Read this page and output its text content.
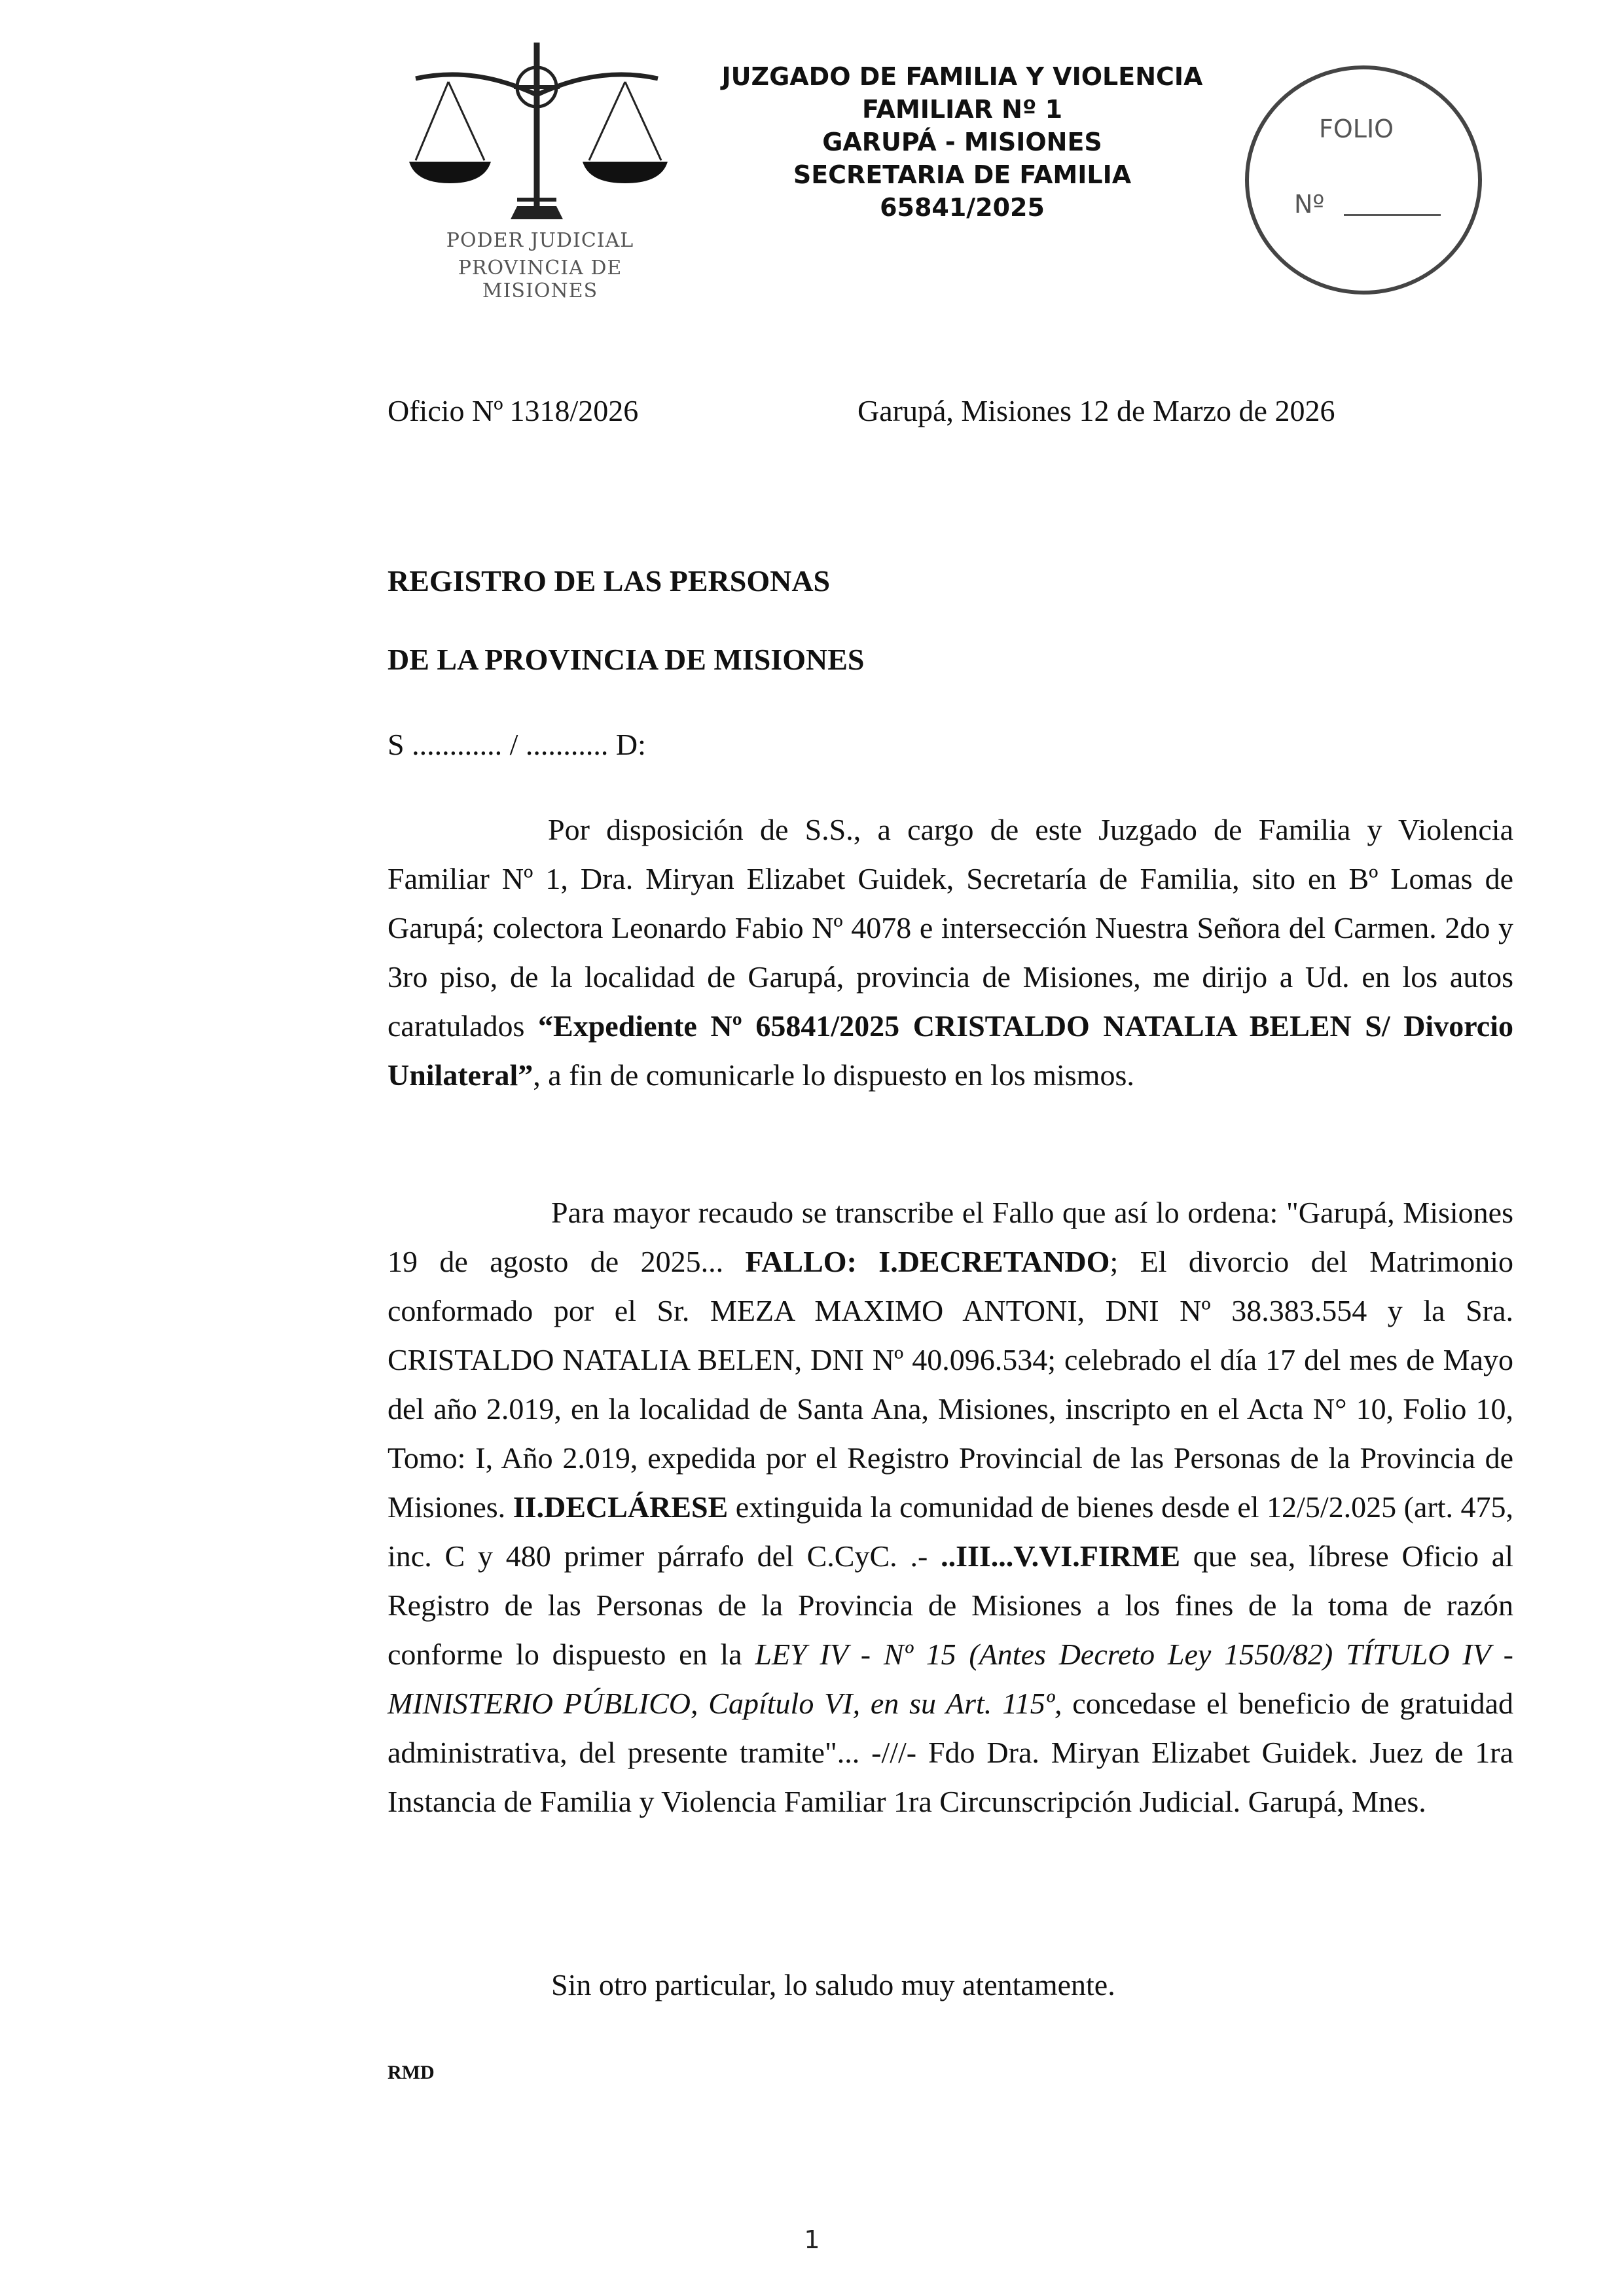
PODER JUDICIAL
PROVINCIA DE MISIONES
JUZGADO DE FAMILIA Y VIOLENCIA
FAMILIAR Nº 1
GARUPÁ - MISIONES
SECRETARIA DE FAMILIA
65841/2025
FOLIO
Nº
Oficio Nº 1318/2026	Garupá, Misiones 12 de Marzo de 2026
REGISTRO DE LAS PERSONAS
DE LA PROVINCIA DE MISIONES
S ............ / ........... D:
Por disposición de S.S., a cargo de este Juzgado de Familia y Violencia Familiar Nº 1, Dra. Miryan Elizabet Guidek, Secretaría de Familia, sito en Bº Lomas de Garupá; colectora Leonardo Fabio Nº 4078 e intersección Nuestra Señora del Carmen. 2do y 3ro piso, de la localidad de Garupá, provincia de Misiones, me dirijo a Ud. en los autos caratulados “Expediente Nº 65841/2025 CRISTALDO NATALIA BELEN S/ Divorcio Unilateral”, a fin de comunicarle lo dispuesto en los mismos.
Para mayor recaudo se transcribe el Fallo que así lo ordena: "Garupá, Misiones 19 de agosto de 2025... FALLO: I.DECRETANDO; El divorcio del Matrimonio conformado por el Sr. MEZA MAXIMO ANTONI, DNI Nº 38.383.554 y la Sra. CRISTALDO NATALIA BELEN, DNI Nº 40.096.534; celebrado el día 17 del mes de Mayo del año 2.019, en la localidad de Santa Ana, Misiones, inscripto en el Acta N° 10, Folio 10, Tomo: I, Año 2.019, expedida por el Registro Provincial de las Personas de la Provincia de Misiones. II.DECLÁRESE extinguida la comunidad de bienes desde el 12/5/2.025 (art. 475, inc. C y 480 primer párrafo del C.CyC. .- ..III...V.VI.FIRME que sea, líbrese Oficio al Registro de las Personas de la Provincia de Misiones a los fines de la toma de razón conforme lo dispuesto en la LEY IV - Nº 15 (Antes Decreto Ley 1550/82) TÍTULO IV - MINISTERIO PÚBLICO, Capítulo VI, en su Art. 115º, concedase el beneficio de gratuidad administrativa, del presente tramite"... -///- Fdo Dra. Miryan Elizabet Guidek. Juez de 1ra Instancia de Familia y Violencia Familiar 1ra Circunscripción Judicial. Garupá, Mnes.
Sin otro particular, lo saludo muy atentamente.
RMD
1
